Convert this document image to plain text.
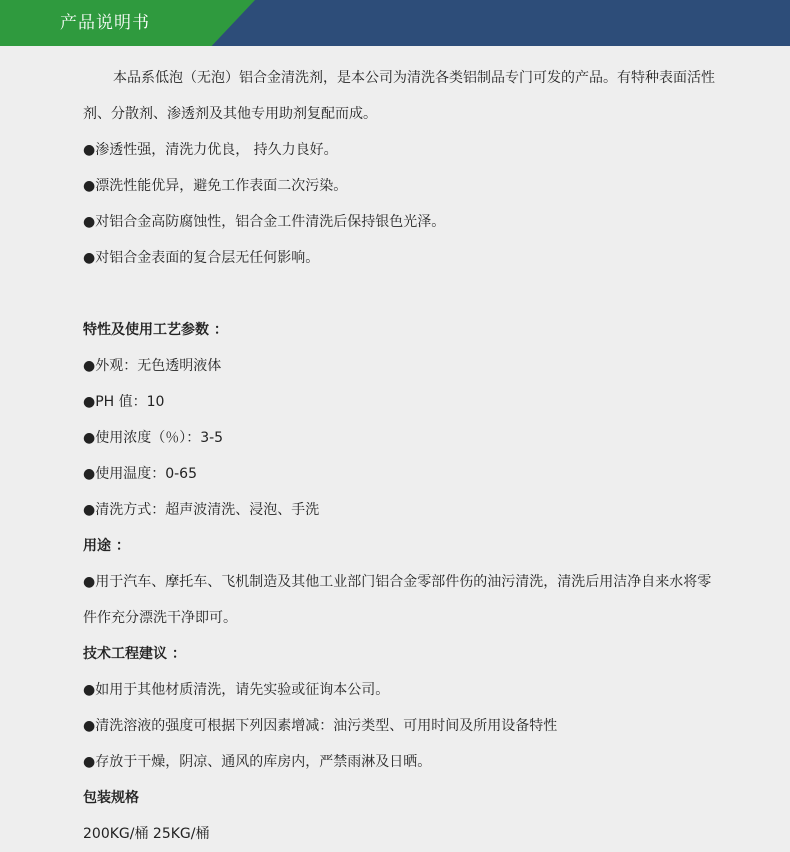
产品说明书
本品系低泡（无泡）铝合金清洗剂，是本公司为清洗各类铝制品专门可发的产品。有特种表面活性剂、分散剂、渗透剂及其他专用助剂复配而成。
●渗透性强，清洗力优良， 持久力良好。
●漂洗性能优异，避免工作表面二次污染。
●对铝合金高防腐蚀性，铝合金工件清洗后保持银色光泽。
●对铝合金表面的复合层无任何影响。
特性及使用工艺参数 ：
●外观：无色透明液体
●PH 值：10
●使用浓度（％）：3-5
●使用温度：0-65
●清洗方式：超声波清洗、浸泡、手洗
用途 ：
●用于汽车、摩托车、飞机制造及其他工业部门铝合金零部件伤的油污清洗，清洗后用洁净自来水将零件作充分漂洗干净即可。
技术工程建议 ：
●如用于其他材质清洗，请先实验或征询本公司。
●清洗溶液的强度可根据下列因素增减：油污类型、可用时间及所用设备特性
●存放于干燥，阴凉、通风的库房内，严禁雨淋及日晒。
包装规格
200KG/桶 25KG/桶
